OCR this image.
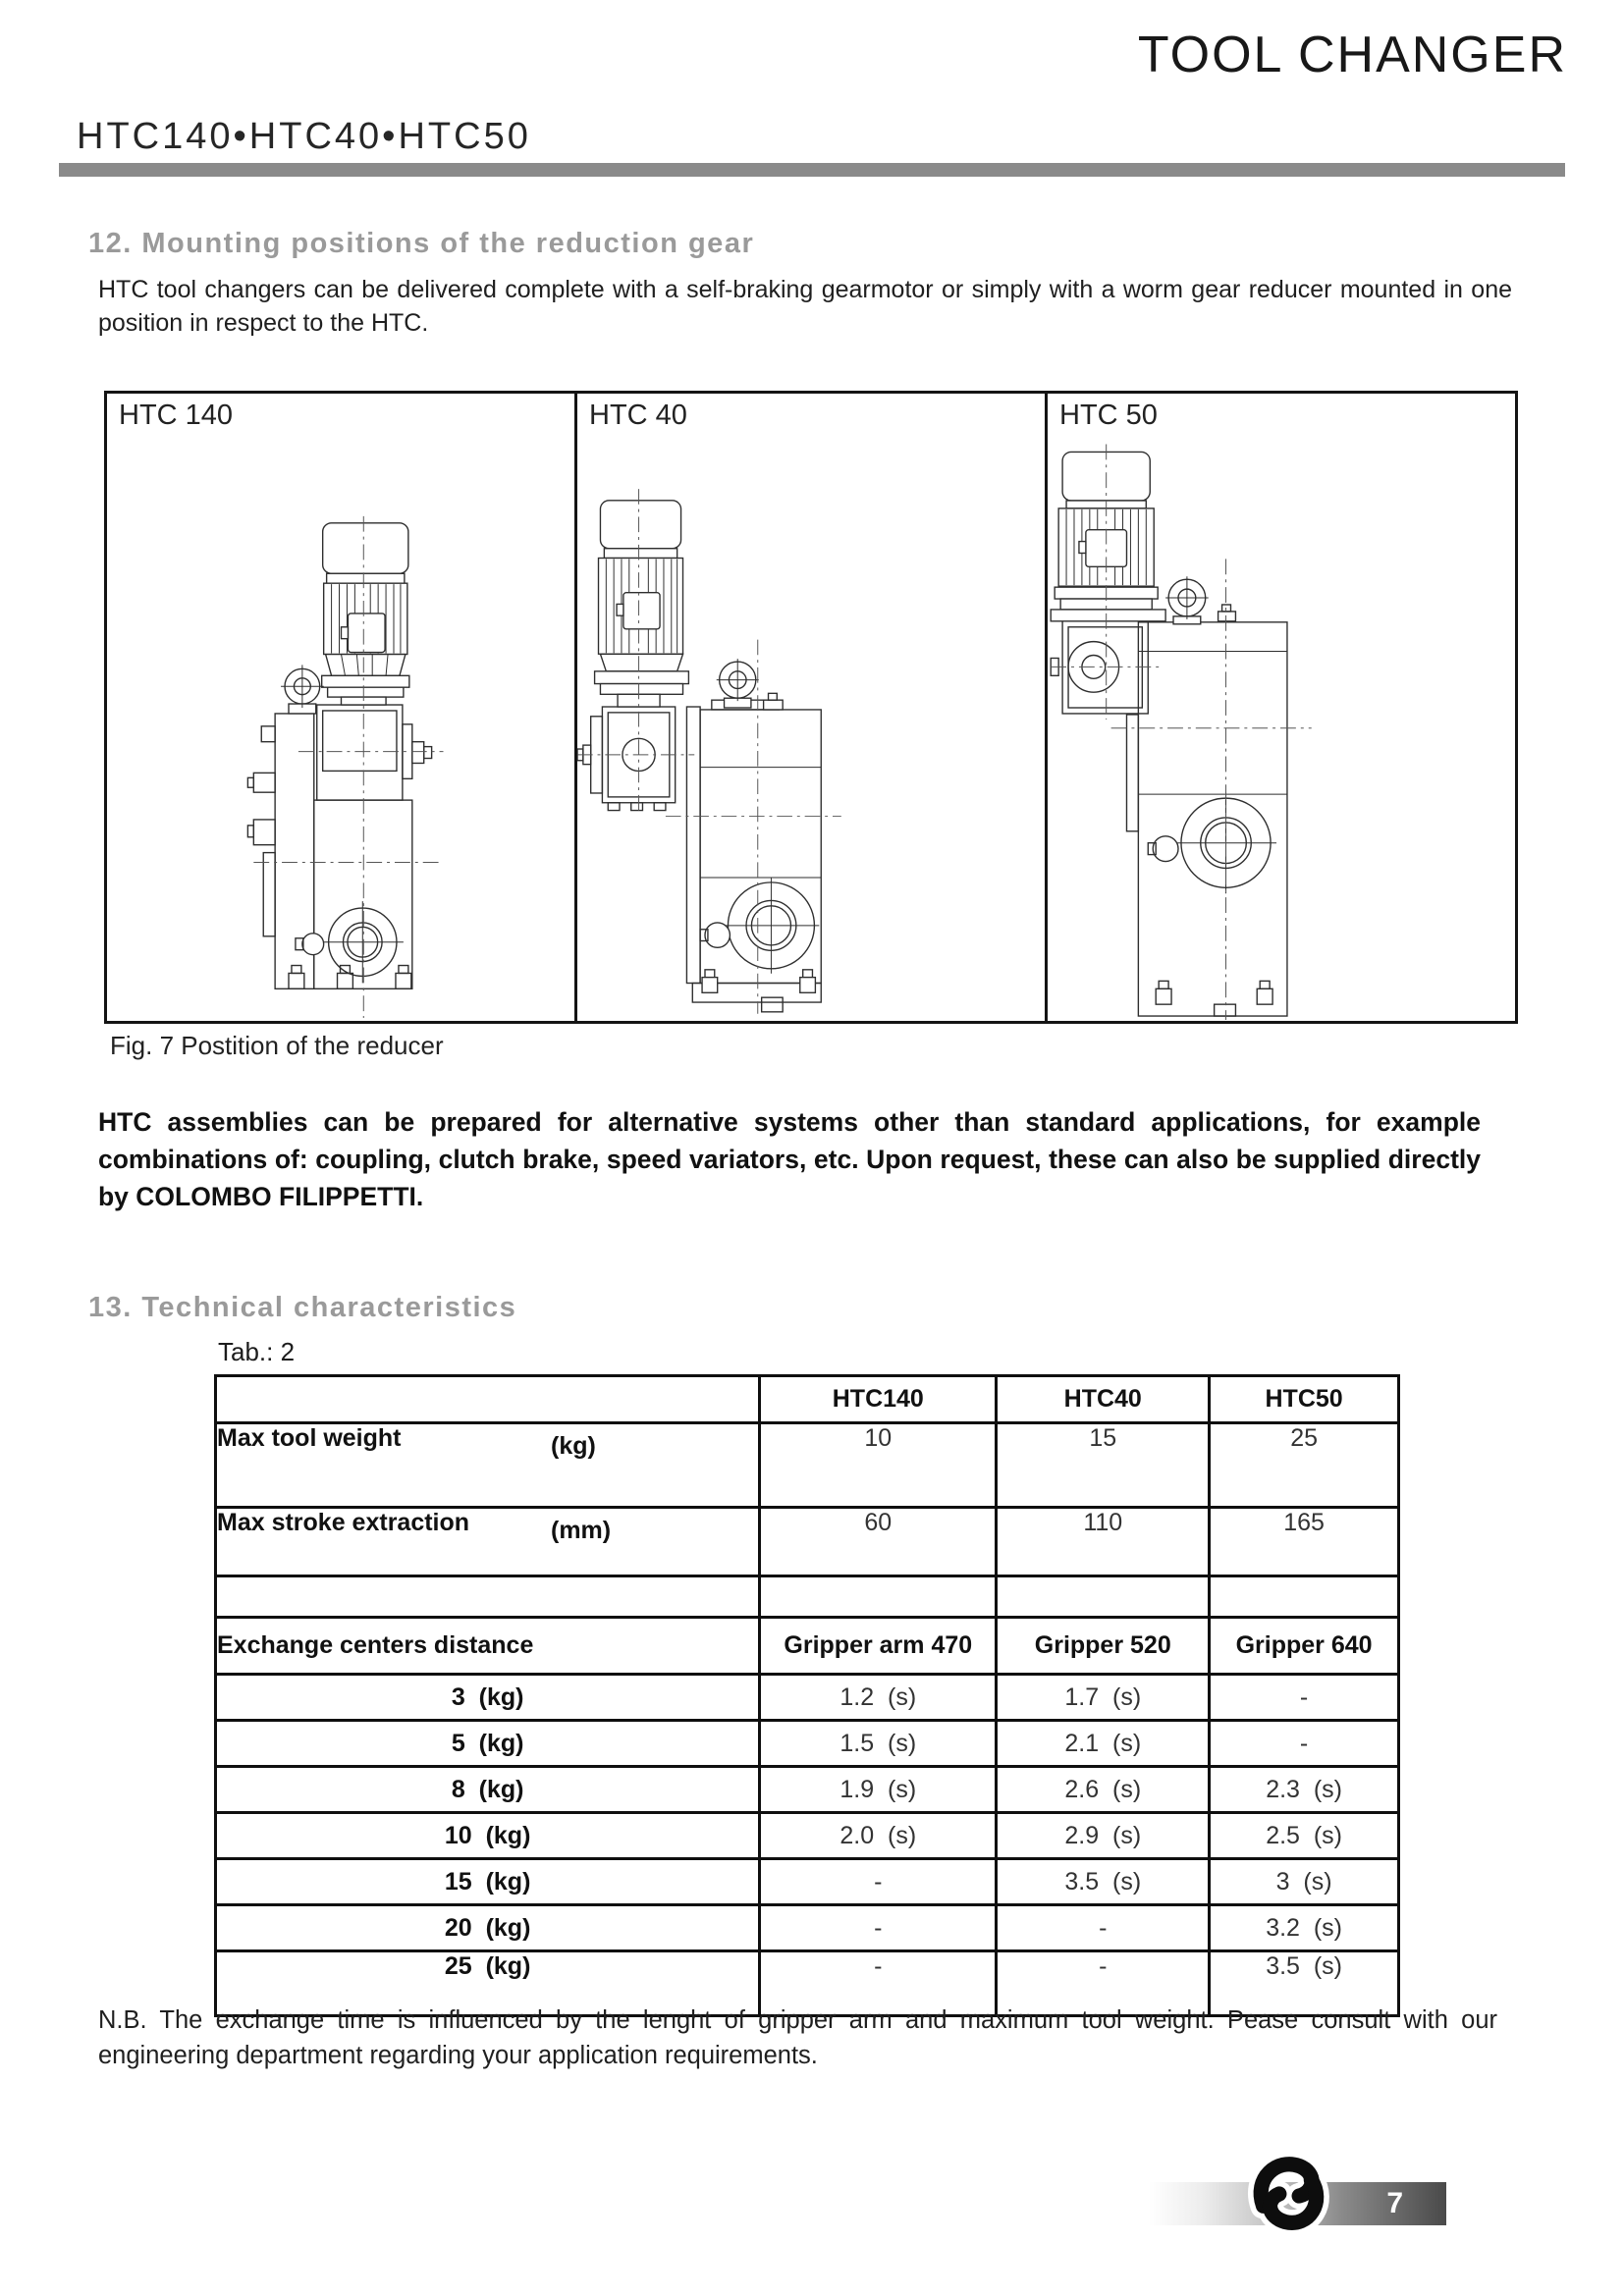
TOOL CHANGER
HTC140•HTC40•HTC50
12. Mounting positions of the reduction gear

HTC tool changers can be delivered complete with a self-braking gearmotor or simply with a worm gear reducer mounted in one position in respect to the HTC.

HTC 140	HTC 40	HTC 50
Fig. 7 Postition of the reducer

HTC assemblies can be prepared for alternative systems other than standard applications, for example combinations of: coupling, clutch brake, speed variators, etc. Upon request, these can also be supplied directly by COLOMBO FILIPPETTI.

13. Technical characteristics
Tab.: 2
	HTC140	HTC40	HTC50
Max tool weight (kg)	10	15	25
Max stroke extraction (mm)	60	110	165

Exchange centers distance	Gripper arm 470	Gripper 520	Gripper 640
3  (kg)	1.2  (s)	1.7  (s)	-
5  (kg)	1.5  (s)	2.1  (s)	-
8  (kg)	1.9  (s)	2.6  (s)	2.3  (s)
10  (kg)	2.0  (s)	2.9  (s)	2.5  (s)
15  (kg)	-	3.5  (s)	3  (s)
20  (kg)	-	-	3.2  (s)
25  (kg)	-	-	3.5  (s)

N.B. The exchange time is influenced by the lenght of gripper arm and maximum tool weight. Pease consult with our engineering department regarding your application requirements.

7
